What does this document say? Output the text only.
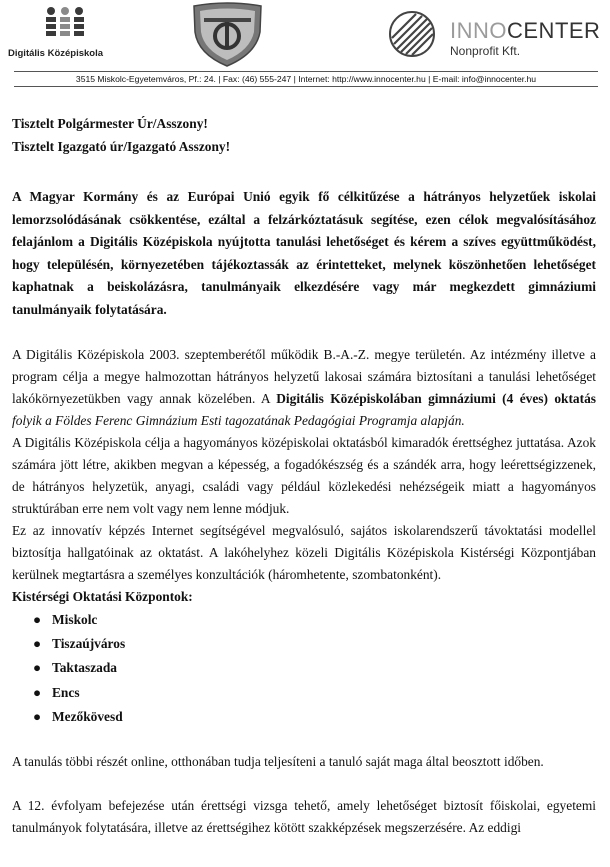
Digitális Középiskola
INNOCENTER
Nonprofit Kft.
3515 Miskolc-Egyetemváros, Pf.: 24. | Fax: (46) 555-247 | Internet: http://www.innocenter.hu | E-mail: info@innocenter.hu

Tisztelt Polgármester Úr/Asszony!

Tisztelt Igazgató úr/Igazgató Asszony!

A Magyar Kormány és az Európai Unió egyik fő célkitűzése a hátrányos helyzetűek iskolai lemorzsolódásának csökkentése, ezáltal a felzárkóztatásuk segítése, ezen célok megvalósításához felajánlom a Digitális Középiskola nyújtotta tanulási lehetőséget és kérem a szíves együttműködést, hogy településén, környezetében tájékoztassák az érintetteket, melynek köszönhetően lehetőséget kaphatnak a beiskolázásra, tanulmányaik elkezdésére vagy már megkezdett gimnáziumi tanulmányaik folytatására.

A Digitális Középiskola 2003. szeptemberétől működik B.-A.-Z. megye területén. Az intézmény illetve a program célja a megye halmozottan hátrányos helyzetű lakosai számára biztosítani a tanulási lehetőséget lakókörnyezetükben vagy annak közelében. A Digitális Középiskolában gimnáziumi (4 éves) oktatás folyik a Földes Ferenc Gimnázium Esti tagozatának Pedagógiai Programja alapján.

A Digitális Középiskola célja a hagyományos középiskolai oktatásból kimaradók érettséghez juttatása. Azok számára jött létre, akikben megvan a képesség, a fogadókészség és a szándék arra, hogy leérettségizzenek, de hátrányos helyzetük, anyagi, családi vagy például közlekedési nehézségeik miatt a hagyományos struktúrában erre nem volt vagy nem lenne módjuk.

Ez az innovatív képzés Internet segítségével megvalósuló, sajátos iskolarendszerű távoktatási modellel biztosítja hallgatóinak az oktatást. A lakóhelyhez közeli Digitális Középiskola Kistérségi Központjában kerülnek megtartásra a személyes konzultációk (háromhetente, szombatonként).

Kistérségi Oktatási Központok:

● Miskolc
● Tiszaújváros
● Taktaszada
● Encs
● Mezőkövesd

A tanulás többi részét online, otthonában tudja teljesíteni a tanuló saját maga által beosztott időben.

A 12. évfolyam befejezése után érettségi vizsga tehető, amely lehetőséget biztosít főiskolai, egyetemi tanulmányok folytatására, illetve az érettségihez kötött szakképzések megszerzésére. Az eddigi
